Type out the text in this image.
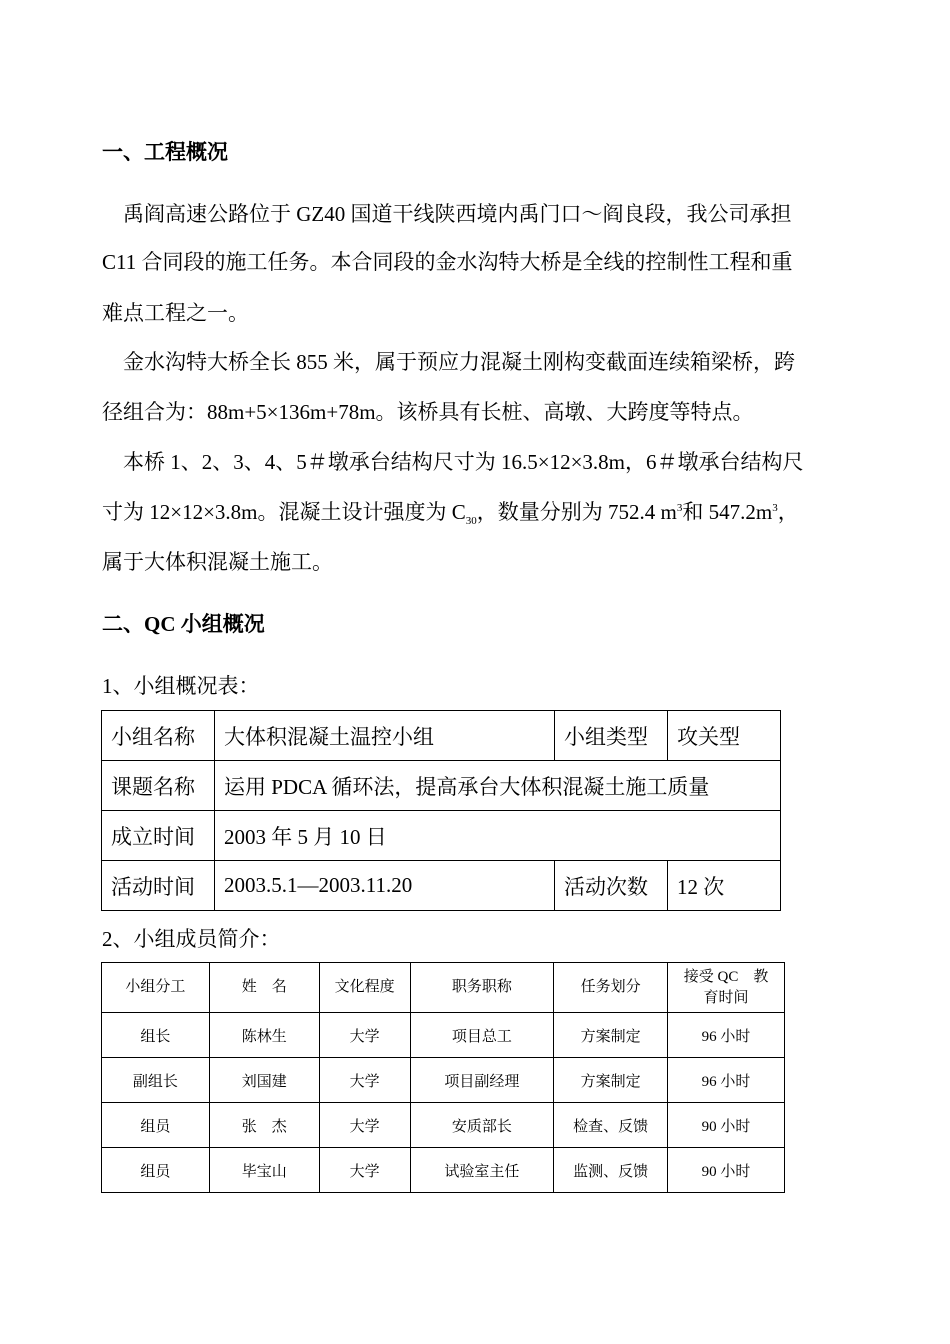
一、工程概况
禹阎高速公路位于 GZ40 国道干线陕西境内禹门口～阎良段，我公司承担
C11 合同段的施工任务。本合同段的金水沟特大桥是全线的控制性工程和重
难点工程之一。
金水沟特大桥全长 855 米，属于预应力混凝土刚构变截面连续箱梁桥，跨
径组合为：88m+5×136m+78m。该桥具有长桩、高墩、大跨度等特点。
本桥 1、2、3、4、5＃墩承台结构尺寸为 16.5×12×3.8m，6＃墩承台结构尺
寸为 12×12×3.8m。混凝土设计强度为 $C_{30}$，数量分别为 752.4 $m^3$和 $547.2m^3$，
属于大体积混凝土施工。
二、QC 小组概况
1、小组概况表：
小组名称	大体积混凝土温控小组	小组类型	攻关型
课题名称	运用 PDCA 循环法，提高承台大体积混凝土施工质量		
成立时间	2003 年 5 月 10 日		
活动时间	2003.5.1—2003.11.20	活动次数	12 次
2、小组成员简介：
小组分工	姓　名	文化程度	职务职称	任务划分	接受 QC　教育时间
组长	陈林生	大学	项目总工	方案制定	96 小时
副组长	刘国建	大学	项目副经理	方案制定	96 小时
组员	张　杰	大学	安质部长	检查、反馈	90 小时
组员	毕宝山	大学	试验室主任	监测、反馈	90 小时
